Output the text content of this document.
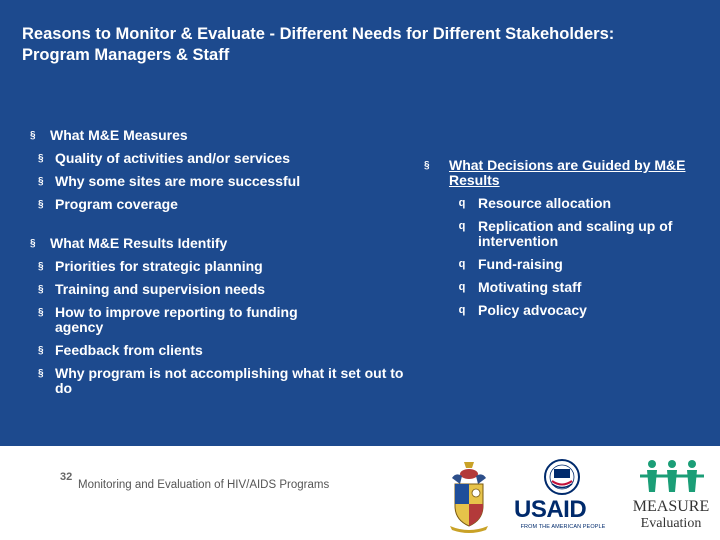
Reasons to Monitor & Evaluate - Different Needs for Different Stakeholders:
Program Managers & Staff
§ What M&E Measures
§ Quality of activities and/or services
§ Why some sites are more successful
§ Program coverage
§ What M&E Results Identify
§ Priorities for strategic planning
§ Training and supervision needs
§ How to improve reporting to funding agency
§ Feedback from clients
§ Why program is not accomplishing what it set out to do
§ What Decisions are Guided by M&E Results
q Resource allocation
q Replication and scaling up of intervention
q Fund-raising
q Motivating staff
q Policy advocacy
32
Monitoring and Evaluation of HIV/AIDS Programs
USAID
FROM THE AMERICAN PEOPLE
MEASURE
Evaluation
